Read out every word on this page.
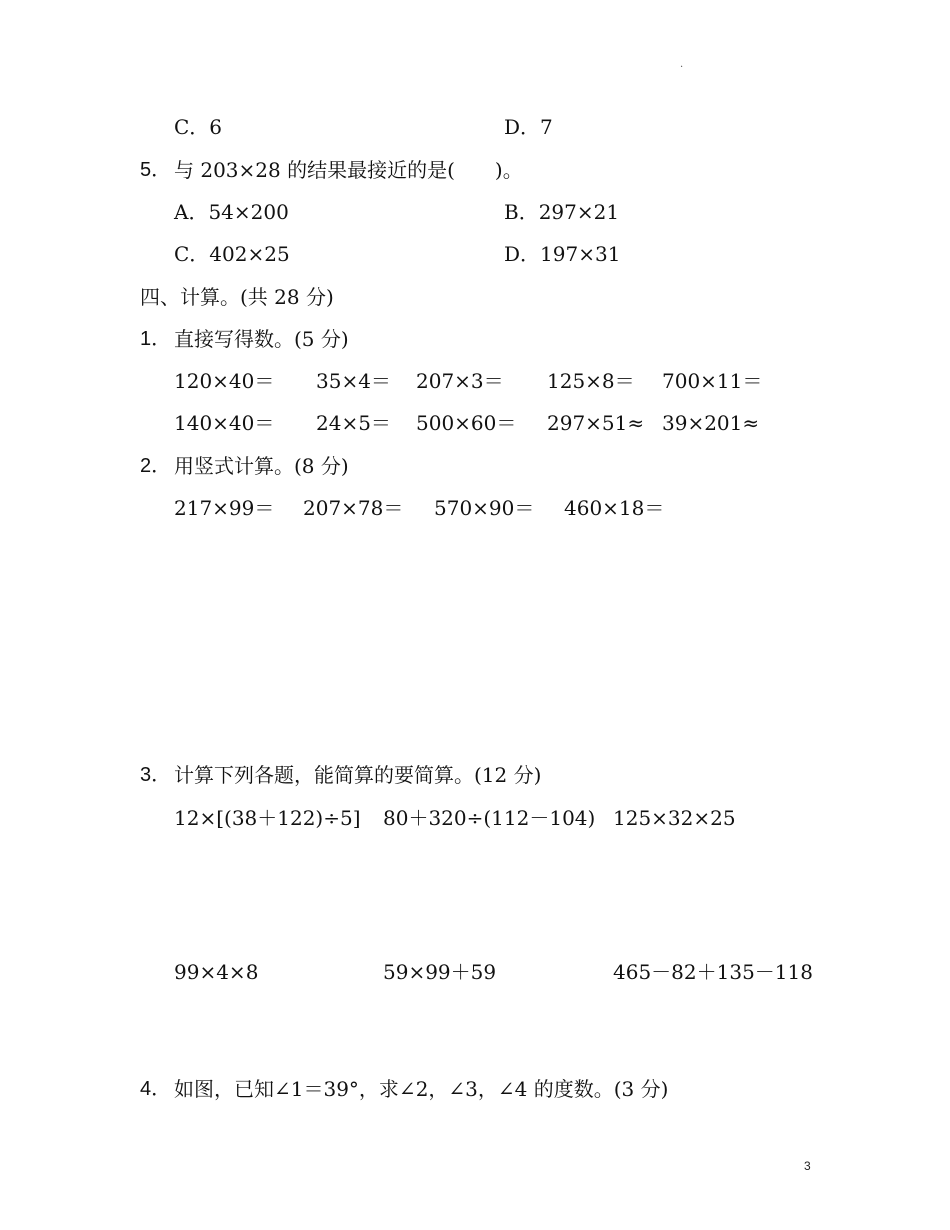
.
C．6	D．7
5． 与 203×28 的结果最接近的是(　　)。
A．54×200	B．297×21
C．402×25	D．197×31
四、计算。(共 28 分)
1． 直接写得数。(5 分)
120×40＝ 35×4＝ 207×3＝ 125×8＝ 700×11＝
140×40＝ 24×5＝ 500×60＝ 297×51≈ 39×201≈
2． 用竖式计算。(8 分)
217×99＝ 207×78＝ 570×90＝ 460×18＝
3． 计算下列各题，能简算的要简算。(12 分)
12×[(38＋122)÷5] 80＋320÷(112－104) 125×32×25
99×4×8	59×99＋59	465－82＋135－118
4． 如图，已知∠1＝39°，求∠2，∠3，∠4 的度数。(3 分)
3
